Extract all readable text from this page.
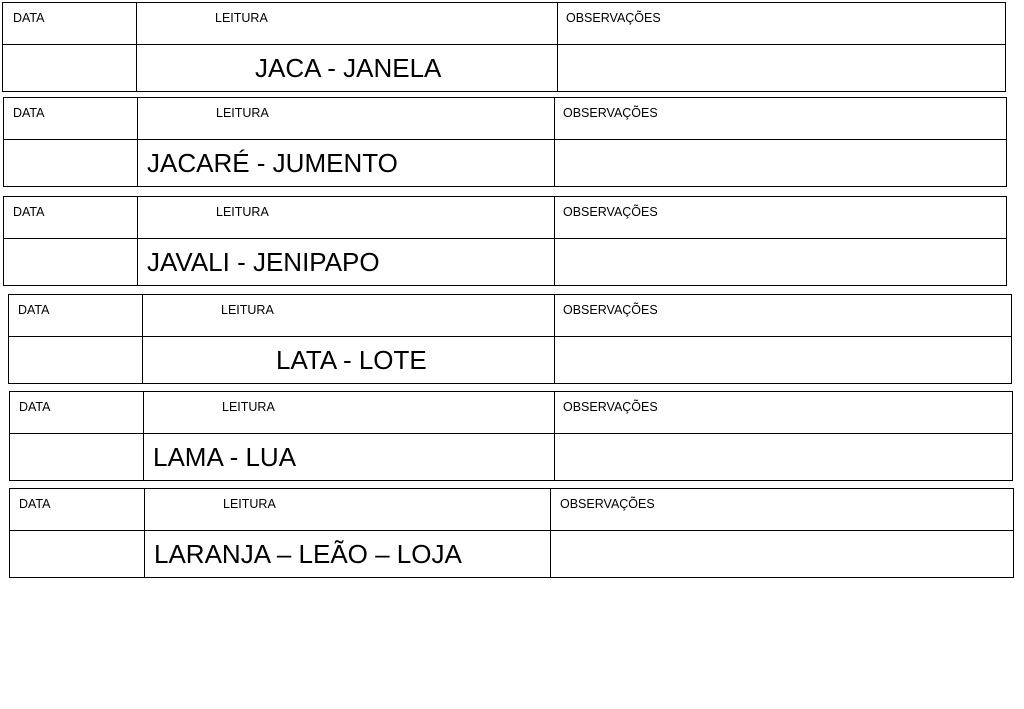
DATA	LEITURA	OBSERVAÇÕES

	JACA - JANELA	

DATA	LEITURA	OBSERVAÇÕES

	JACARÉ - JUMENTO	

DATA	LEITURA	OBSERVAÇÕES

	JAVALI - JENIPAPO	

DATA	LEITURA	OBSERVAÇÕES

	LATA - LOTE	

DATA	LEITURA	OBSERVAÇÕES

	LAMA - LUA	

DATA	LEITURA	OBSERVAÇÕES

	LARANJA – LEÃO – LOJA	
